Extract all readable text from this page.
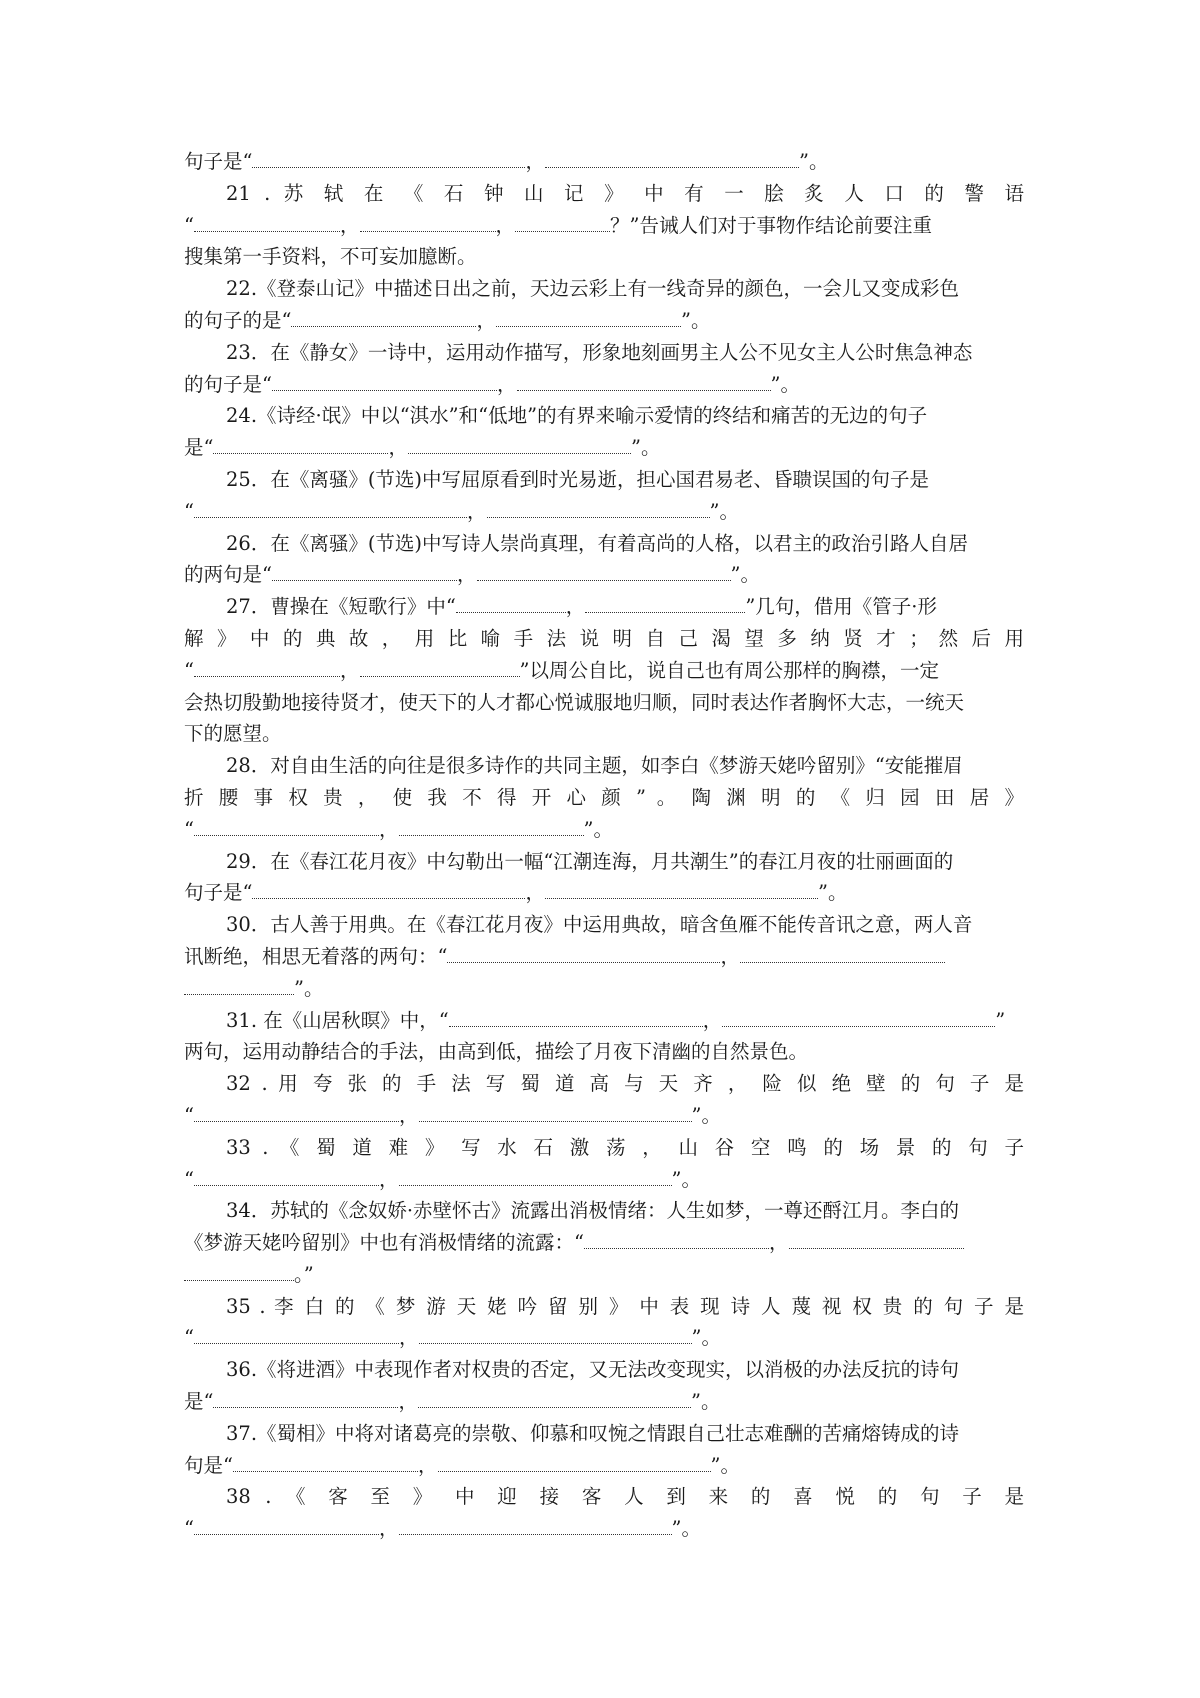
句子是“	，	”。
21 . 苏 轼 在 《 石 钟 山 记 》 中 有 一 脍 炙 人 口 的 警 语
“	，	，	？”告诫人们对于事物作结论前要注重
搜集第一手资料，不可妄加臆断。
22.《登泰山记》中描述日出之前，天边云彩上有一线奇异的颜色，一会儿又变成彩色
的句子的是“	，	”。
23．在《静女》一诗中，运用动作描写，形象地刻画男主人公不见女主人公时焦急神态
的句子是“	，	”。
24.《诗经·氓》中以“淇水”和“低地”的有界来喻示爱情的终结和痛苦的无边的句子
是“	，	”。
25．在《离骚》(节选)中写屈原看到时光易逝，担心国君易老、昏聩误国的句子是
“	，	”。
26．在《离骚》(节选)中写诗人崇尚真理，有着高尚的人格，以君主的政治引路人自居
的两句是“	，	”。
27．曹操在《短歌行》中“	，	”几句，借用《管子·形
解 》 中 的 典 故 ， 用 比 喻 手 法 说 明 自 己 渴 望 多 纳 贤 才 ； 然 后 用
“	，	”以周公自比，说自己也有周公那样的胸襟，一定
会热切殷勤地接待贤才，使天下的人才都心悦诚服地归顺，同时表达作者胸怀大志，一统天
下的愿望。
28．对自由生活的向往是很多诗作的共同主题，如李白《梦游天姥吟留别》“安能摧眉
折 腰 事 权 贵 ， 使 我 不 得 开 心 颜 ” 。 陶 渊 明 的 《 归 园 田 居 》
“	，	”。
29．在《春江花月夜》中勾勒出一幅“江潮连海，月共潮生”的春江月夜的壮丽画面的
句子是“	，	”。
30．古人善于用典。在《春江花月夜》中运用典故，暗含鱼雁不能传音讯之意，两人音
讯断绝，相思无着落的两句：“	，
”。
31. 在《山居秋暝》中，“	，	”
两句，运用动静结合的手法，由高到低，描绘了月夜下清幽的自然景色。
32 . 用 夸 张 的 手 法 写 蜀 道 高 与 天 齐 ， 险 似 绝 壁 的 句 子 是
“	，	”。
33 . 《 蜀 道 难 》 写 水 石 激 荡 ， 山 谷 空 鸣 的 场 景 的 句 子
“	，	”。
34．苏轼的《念奴娇·赤壁怀古》流露出消极情绪：人生如梦，一尊还酹江月。李白的
《梦游天姥吟留别》中也有消极情绪的流露：“	，
。”
35 . 李 白 的 《 梦 游 天 姥 吟 留 别 》 中 表 现 诗 人 蔑 视 权 贵 的 句 子 是
“	，	”。
36.《将进酒》中表现作者对权贵的否定，又无法改变现实，以消极的办法反抗的诗句
是“	，	”。
37.《蜀相》中将对诸葛亮的崇敬、仰慕和叹惋之情跟自己壮志难酬的苦痛熔铸成的诗
句是“	，	”。
38 . 《 客 至 》 中 迎 接 客 人 到 来 的 喜 悦 的 句 子 是
“	，	”。
